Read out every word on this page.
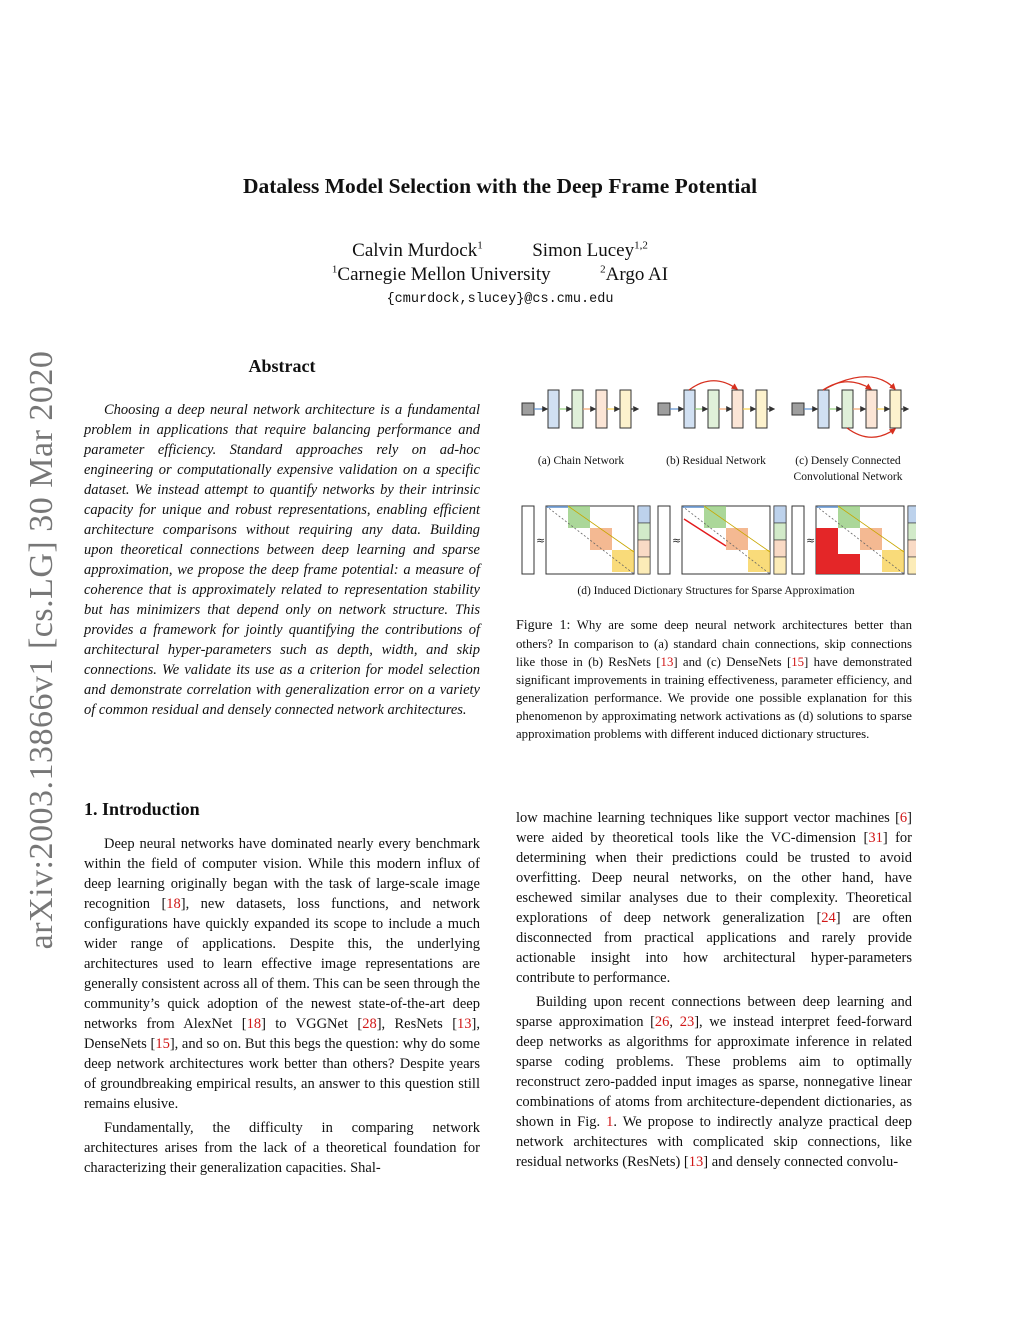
arXiv:2003.13866v1 [cs.LG] 30 Mar 2020
Dataless Model Selection with the Deep Frame Potential
Calvin Murdock$^1$	Simon Lucey$^{1,2}$
$^1$Carnegie Mellon University	$^2$Argo AI
{cmurdock,slucey}@cs.cmu.edu
Abstract

Choosing a deep neural network architecture is a fundamental problem in applications that require balancing performance and parameter efficiency. Standard approaches rely on ad-hoc engineering or computationally expensive validation on a specific dataset. We instead attempt to quantify networks by their intrinsic capacity for unique and robust representations, enabling efficient architecture comparisons without requiring any data. Building upon theoretical connections between deep learning and sparse approximation, we propose the deep frame potential: a measure of coherence that is approximately related to representation stability but has minimizers that depend only on network structure. This provides a framework for jointly quantifying the contributions of architectural hyper-parameters such as depth, width, and skip connections. We validate its use as a criterion for model selection and demonstrate correlation with generalization error on a variety of common residual and densely connected network architectures.

≈	≈	≈
(a) Chain Network	(b) Residual Network	(c) Densely Connected
Convolutional Network
(d) Induced Dictionary Structures for Sparse Approximation
Figure 1: Why are some deep neural network architectures better than others? In comparison to (a) standard chain connections, skip connections like those in (b) ResNets [13] and (c) DenseNets [15] have demonstrated significant improvements in training effectiveness, parameter efficiency, and generalization performance. We provide one possible explanation for this phenomenon by approximating network activations as (d) solutions to sparse approximation problems with different induced dictionary structures.
1. Introduction

Deep neural networks have dominated nearly every benchmark within the field of computer vision. While this modern influx of deep learning originally began with the task of large-scale image recognition [18], new datasets, loss functions, and network configurations have quickly expanded its scope to include a much wider range of applications. Despite this, the underlying architectures used to learn effective image representations are generally consistent across all of them. This can be seen through the community’s quick adoption of the newest state-of-the-art deep networks from AlexNet [18] to VGGNet [28], ResNets [13], DenseNets [15], and so on. But this begs the question: why do some deep network architectures work better than others? Despite years of groundbreaking empirical results, an answer to this question still remains elusive.

Fundamentally, the difficulty in comparing network architectures arises from the lack of a theoretical foundation for characterizing their generalization capacities. Shal-

low machine learning techniques like support vector machines [6] were aided by theoretical tools like the VC-dimension [31] for determining when their predictions could be trusted to avoid overfitting. Deep neural networks, on the other hand, have eschewed similar analyses due to their complexity. Theoretical explorations of deep network generalization [24] are often disconnected from practical applications and rarely provide actionable insight into how architectural hyper-parameters contribute to performance.

Building upon recent connections between deep learning and sparse approximation [26, 23], we instead interpret feed-forward deep networks as algorithms for approximate inference in related sparse coding problems. These problems aim to optimally reconstruct zero-padded input images as sparse, nonnegative linear combinations of atoms from architecture-dependent dictionaries, as shown in Fig. 1. We propose to indirectly analyze practical deep network architectures with complicated skip connections, like residual networks (ResNets) [13] and densely connected convolu-
